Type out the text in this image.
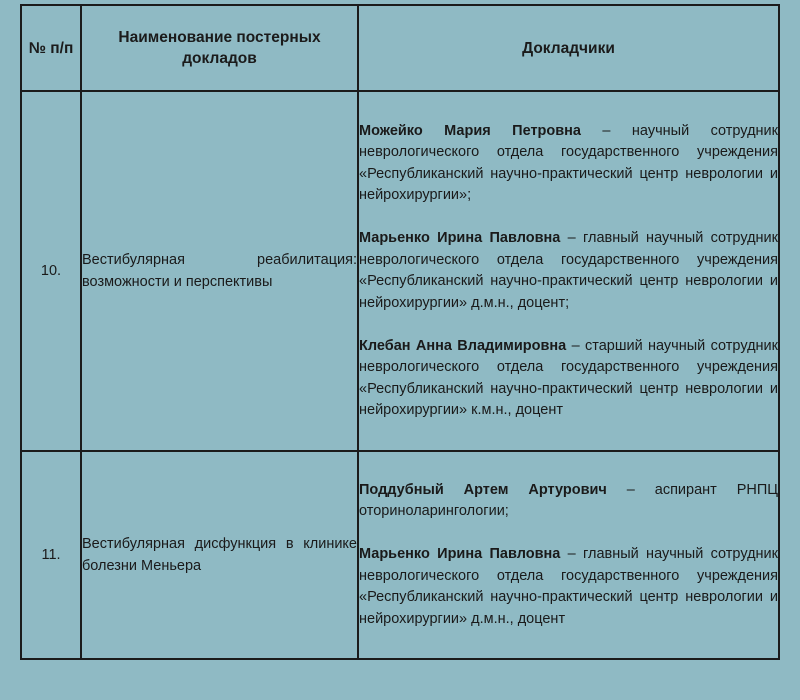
№ п/п	Наименование постерных докладов	Докладчики
10.	Вестибулярная реабилитация: возможности и перспективы	Можейко Мария Петровна – научный сотрудник неврологического отдела государственного учреждения «Республиканский научно-практический центр неврологии и нейрохирургии»;

Марьенко Ирина Павловна – главный научный сотрудник неврологического отдела государственного учреждения «Республиканский научно-практический центр неврологии и нейрохирургии» д.м.н., доцент;

Клебан Анна Владимировна – старший научный сотрудник неврологического отдела государственного учреждения «Республиканский научно-практический центр неврологии и нейрохирургии» к.м.н., доцент

11.	Вестибулярная дисфункция в клинике болезни Меньера	Поддубный Артем Артурович – аспирант РНПЦ оториноларингологии;

Марьенко Ирина Павловна – главный научный сотрудник неврологического отдела государственного учреждения «Республиканский научно-практический центр неврологии и нейрохирургии» д.м.н., доцент
